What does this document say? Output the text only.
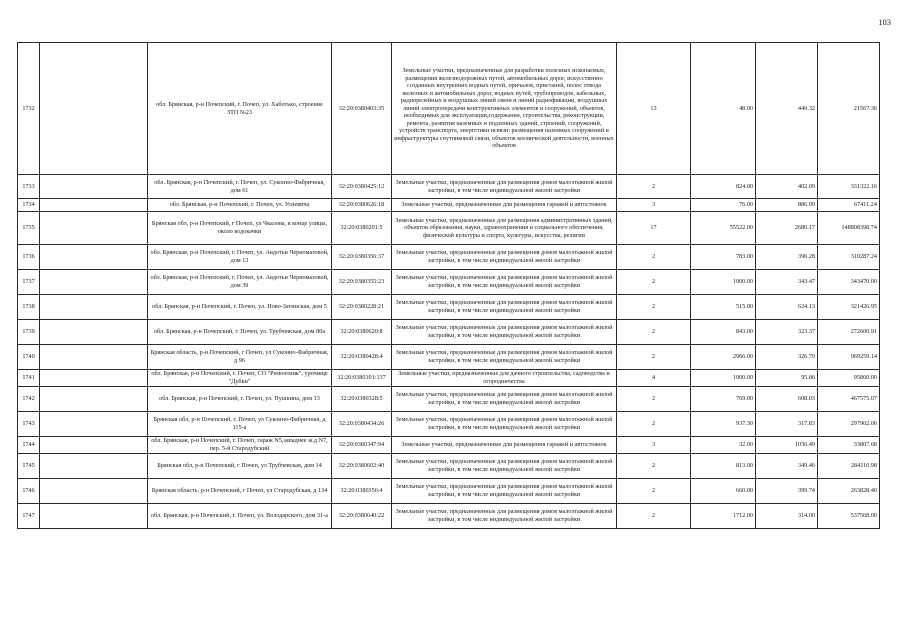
103
1732		обл. Брянская, р-н Почепский, г. Почеп, ул. Хаботько, строение ЗТП №23	32:20:0380403:35	Земельные участки, предназначенные для разработки полезных ископаемых, размещения железнодорожных путей, автомобильных дорог, искусственно созданных внутренних водных путей, причалов, пристаней, полос отвода железных и автомобильных дорог, водных путей, трубопроводов, кабельных, радиорелейных и воздушных линий связи и линий радиофикации, воздушных линий электропередачи конструктивных элементов и сооружений, объектов, необходимых для эксплуатации,содержания, строительства, реконструкции, ремонта, развития наземных и подземных зданий, строений, сооружений, устройств транспорта, энергетики исвязи; размещения наземных сооружений и инфраструктуры спутниковой связи, объектов космической деятельности, военных объектов	13	48.00	449.32	21567.36
1733		обл. Брянская, р-н Почепский, г. Почеп, ул. Суконно-Фабричная, дом 61	32:20:0380425:12	Земельные участки, предназначенные для размещения домов малоэтажной жилой застройки, в том числе индивидуальной жилой застройки	2	824.00	402.09	331322.16
1734		обл. Брянская, р-н Почепский, г. Почеп, ул. Усиевича	32:20:0380626:18	Земельные участки, предназначенные для размещения гаражей и автостоянок	3	76.00	886.99	67411.24
1735		Брянская обл, р-н Почепский, г Почеп, ул Чкалова, в конце улицы, около водокачки	32:20:0380201:5	Земельные участки, предназначенные для размещения административных зданий, объектов образования, науки, здравоохранения и социального обеспечения, физической культуры и спорта, культуры, искусства, религии	17	55522.00	2680.17	148808398.74
1736		обл. Брянская, р-н Почепский, г. Почеп, ул. Авдотьи Черномазовой, дом 13	32:20:0380356:37	Земельные участки, предназначенные для размещения домов малоэтажной жилой застройки, в том числе индивидуальной жилой застройки	2	783.00	396.28	310287.24
1737		обл. Брянская, р-н Почепский, г. Почеп, ул. Авдотьи Черномазовой, дом 39	32:20:0380355:23	Земельные участки, предназначенные для размещения домов малоэтажной жилой застройки, в том числе индивидуальной жилой застройки	2	1000.00	343.47	343470.00
1738		обл. Брянская, р-н Почепский, г. Почеп, ул. Ново-Затинская, дом 5	32:20:0380228:21	Земельные участки, предназначенные для размещения домов малоэтажной жилой застройки, в том числе индивидуальной жилой застройки	2	515.00	624.13	321426.95
1739		обл. Брянская, р-н Почепский, г. Почеп, ул. Трубчевская, дом 80а	32:20:0380620:8	Земельные участки, предназначенные для размещения домов малоэтажной жилой застройки, в том числе индивидуальной жилой застройки	2	843.00	323.37	272600.91
1740		Брянская область, р-н Почепский, г Почеп, ул Суконно-Фабричная, д 96	32:20:0380428:4	Земельные участки, предназначенные для размещения домов малоэтажной жилой застройки, в том числе индивидуальной жилой застройки	2	2966.00	326.79	969259.14
1741		обл. Брянская, р-н Почепский, г. Почеп, СО "Ремонтник", урочище "Дубки"	32:20:0380101:137	Земельные участки, предназначенные для дачного строительства, садоводства и огородничества	4	1000.00	95.86	95860.00
1742		обл. Брянская, р-н Почепский, г. Почеп, ул. Пушкина, дом 13	32:20:0380328:5	Земельные участки, предназначенные для размещения домов малоэтажной жилой застройки, в том числе индивидуальной жилой застройки	2	769.00	608.03	467575.07
1743		Брянская обл, р-н Почепский, г. Почеп, ул Суконно-Фабричная, д 115-а	32:20:0380434:26	Земельные участки, предназначенные для размещения домов малоэтажной жилой застройки, в том числе индивидуальной жилой застройки	2	937.30	317.83	297902.06
1744		обл. Брянская, р-н Почепский, г. Почеп, гараж N5,западнее ж.д.N7, пер. 5-й Стародубский	32:20:0380347:94	Земельные участки, предназначенные для размещения гаражей и автостоянок	3	32.00	1056.49	33807.68
1745		Брянская обл, р-н Почепский, г Почеп, ул Трубчевская, дом 14	32:20:0380602:40	Земельные участки, предназначенные для размещения домов малоэтажной жилой застройки, в том числе индивидуальной жилой застройки	2	813.00	349.46	284110.98
1746		Брянская область, р-н Почепский, г Почеп, ул Стародубская, д 134	32:20:0380356:4	Земельные участки, предназначенные для размещения домов малоэтажной жилой застройки, в том числе индивидуальной жилой застройки	2	660.00	399.74	263828.40
1747		обл. Брянская, р-н Почепский, г. Почеп, ул. Володарского, дом 31-а	32:20:0380640:22	Земельные участки, предназначенные для размещения домов малоэтажной жилой застройки, в том числе индивидуальной жилой застройки	2	1712.00	314.00	537568.00
